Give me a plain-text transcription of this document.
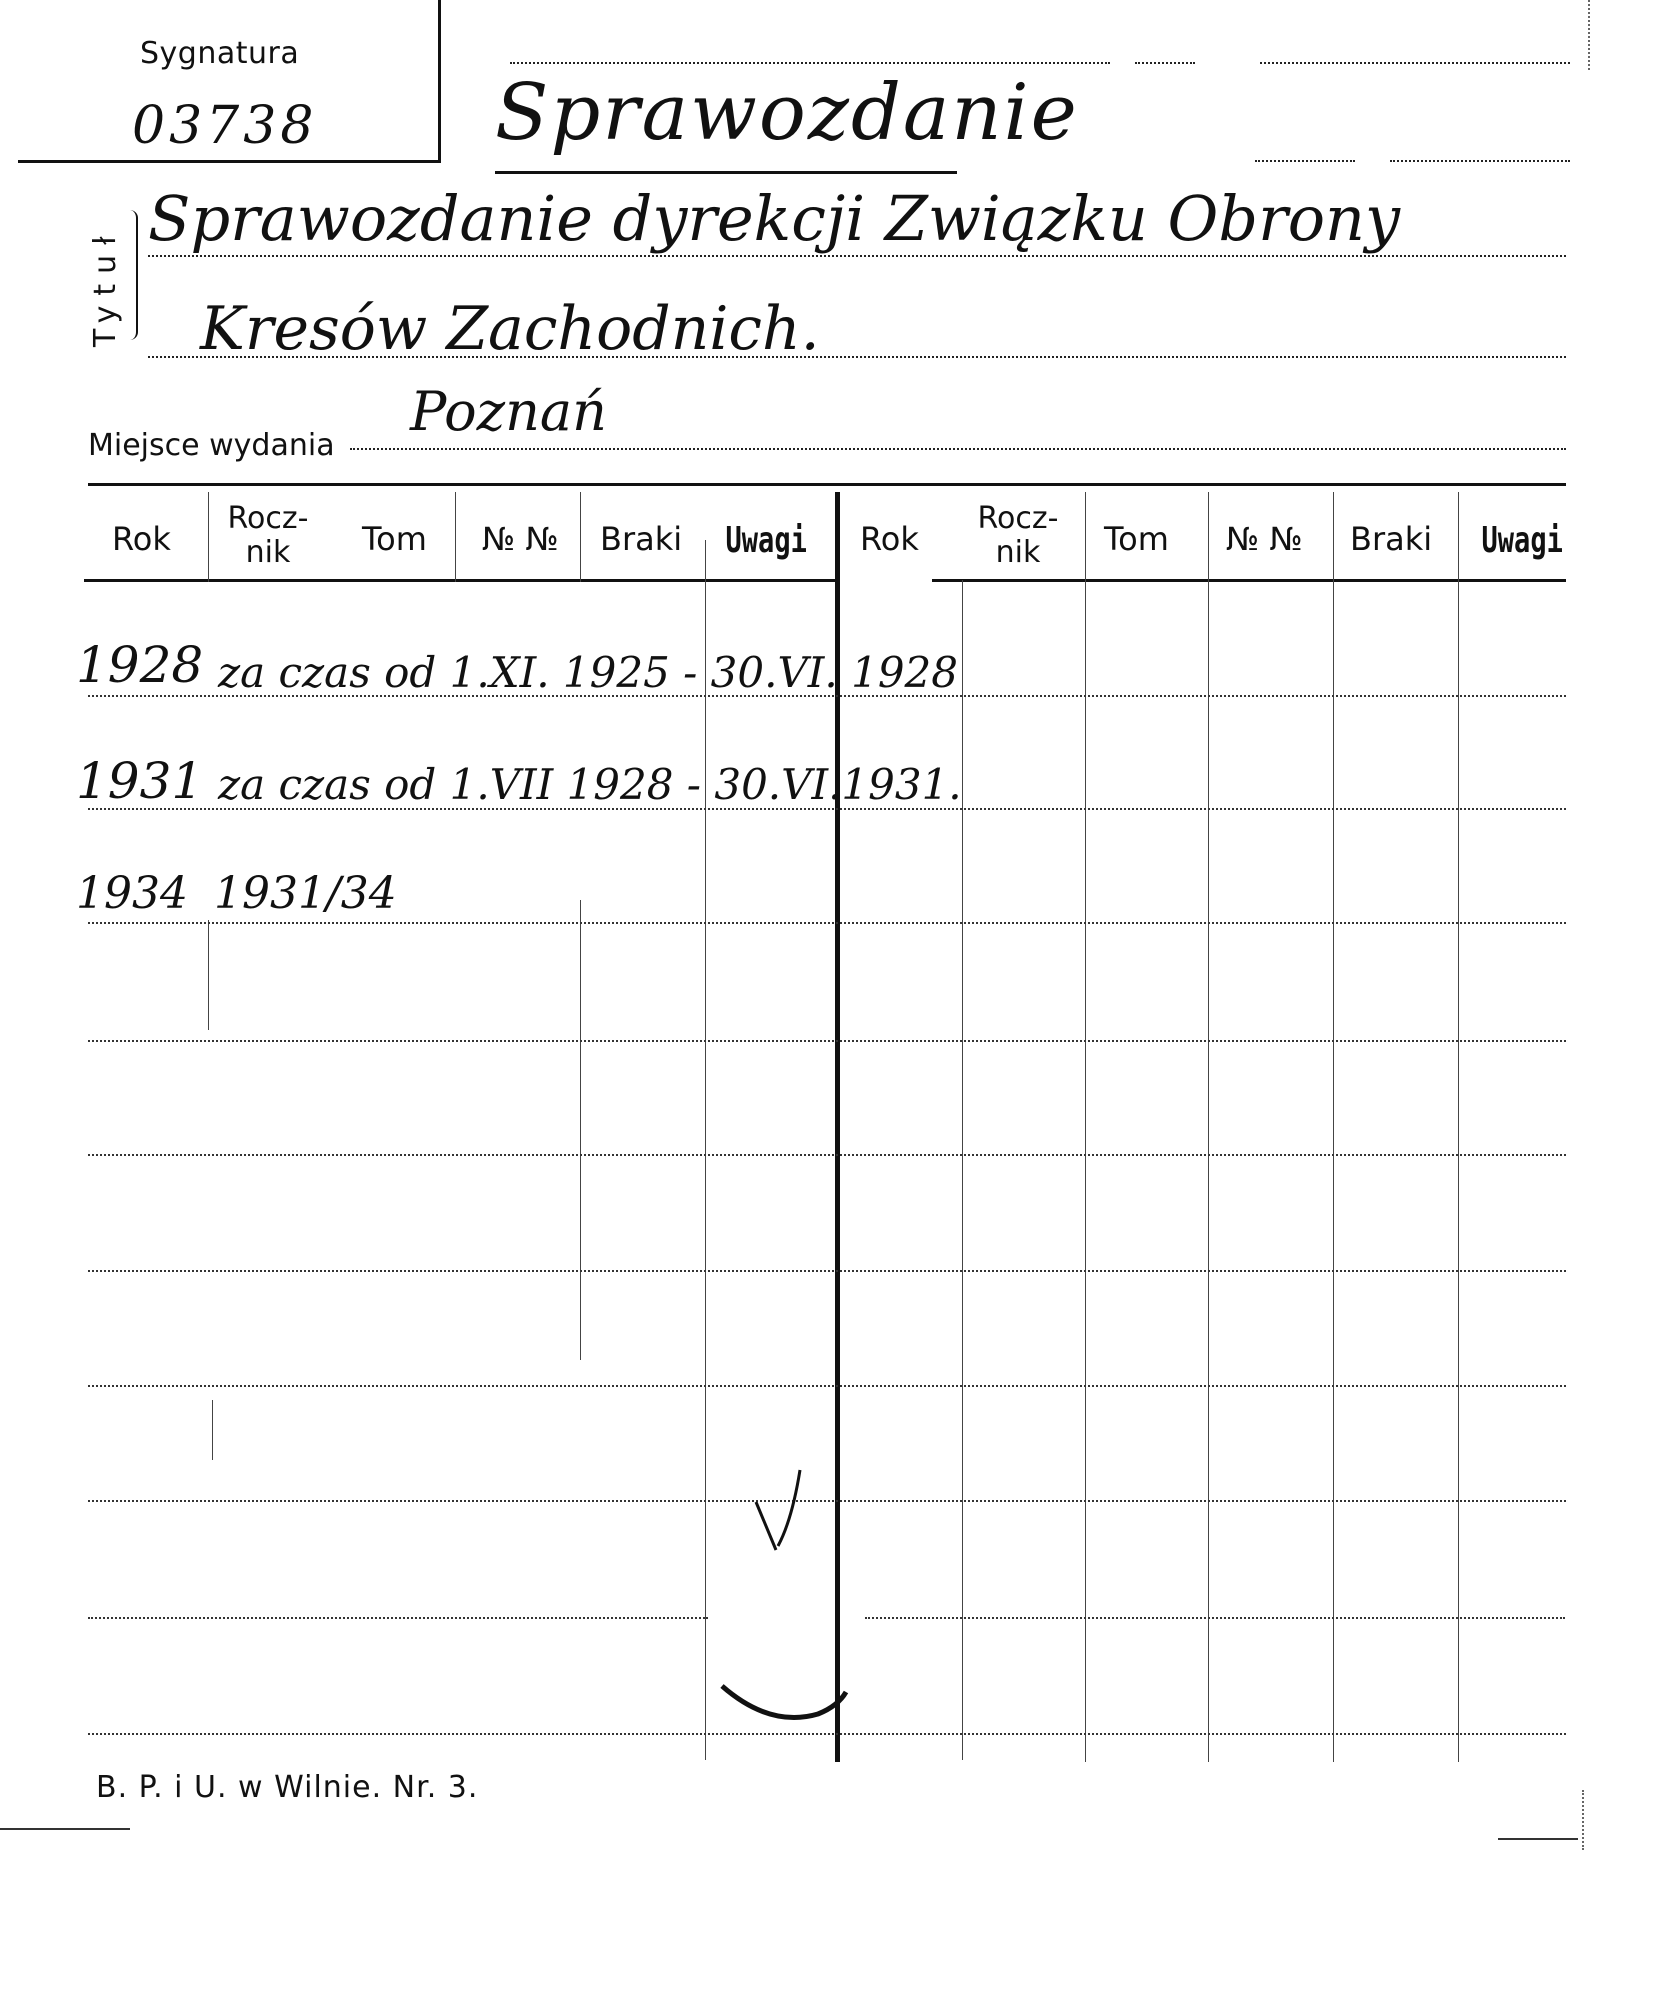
Sygnatura
03738 Sprawozdanie
Tytuł
Sprawozdanie dyrekcji Związku Obrony
Kresów Zachodnich.
Miejsce wydania
Poznań
Rok
Rocz-
nik	Tom № № Braki Uwagi Rok
Rocz-
nik	Tom № № Braki Uwagi
1928 za czas od 1.XI. 1925 - 30.VI. 1928
1931 za czas od 1.VII 1928 - 30.VI.1931.
1934 1931/34
B. P. i U. w Wilnie. Nr. 3.
